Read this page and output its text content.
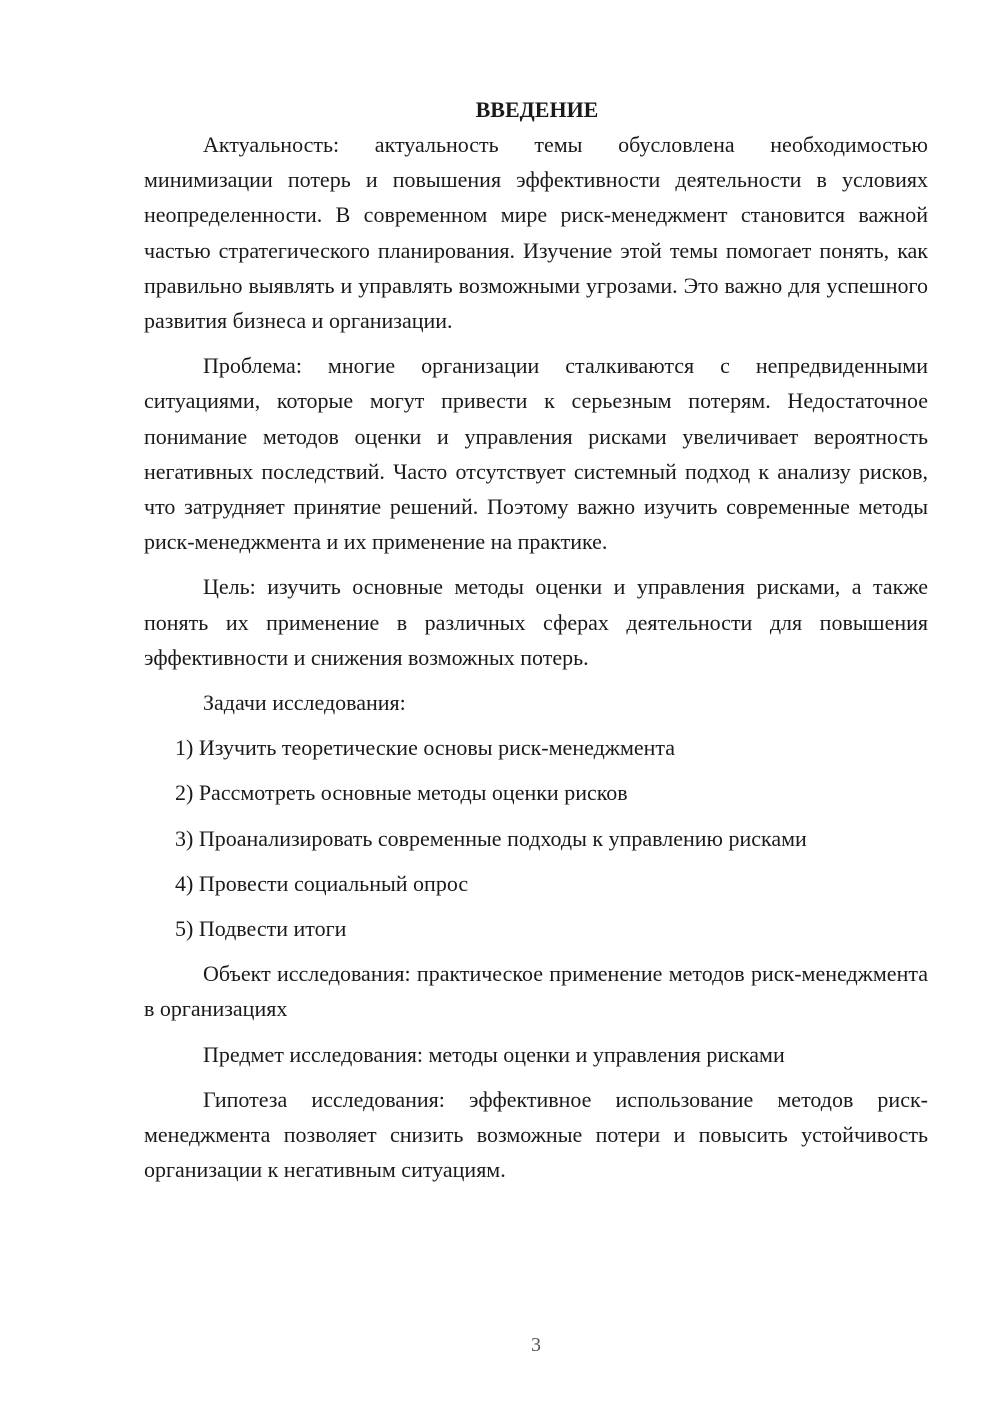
ВВЕДЕНИЕ

Актуальность: актуальность темы обусловлена необходимостью минимизации потерь и повышения эффективности деятельности в условиях неопределенности. В современном мире риск-менеджмент становится важной частью стратегического планирования. Изучение этой темы помогает понять, как правильно выявлять и управлять возможными угрозами. Это важно для успешного развития бизнеса и организации.

Проблема: многие организации сталкиваются с непредвиденными ситуациями, которые могут привести к серьезным потерям. Недостаточное понимание методов оценки и управления рисками увеличивает вероятность негативных последствий. Часто отсутствует системный подход к анализу рисков, что затрудняет принятие решений. Поэтому важно изучить современные методы риск-менеджмента и их применение на практике.

Цель: изучить основные методы оценки и управления рисками, а также понять их применение в различных сферах деятельности для повышения эффективности и снижения возможных потерь.

Задачи исследования:

1) Изучить теоретические основы риск-менеджмента
2) Рассмотреть основные методы оценки рисков
3) Проанализировать современные подходы к управлению рисками
4) Провести социальный опрос
5) Подвести итоги

Объект исследования: практическое применение методов риск-менеджмента в организациях

Предмет исследования: методы оценки и управления рисками

Гипотеза исследования: эффективное использование методов риск-менеджмента позволяет снизить возможные потери и повысить устойчивость организации к негативным ситуациям.

3
